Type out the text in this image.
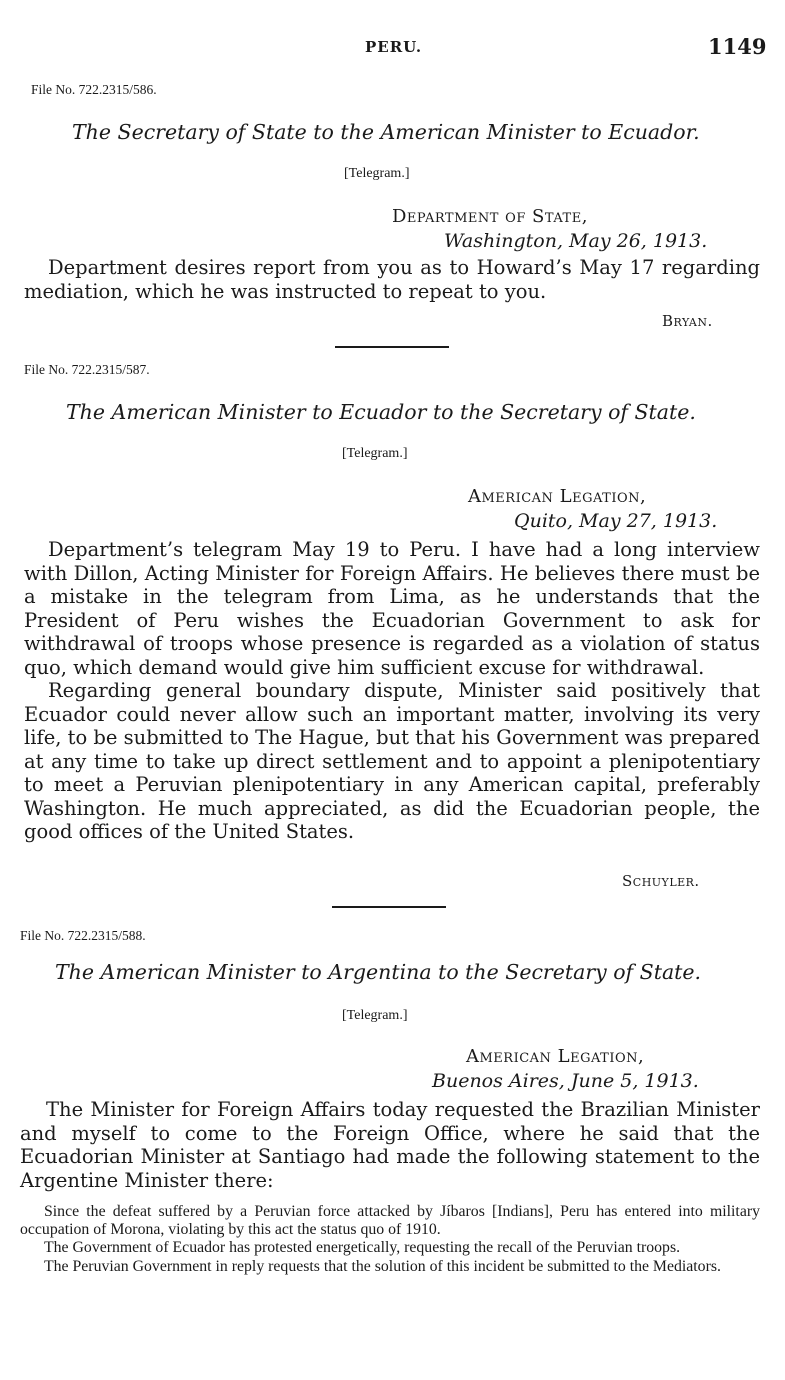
PERU.	1149
File No. 722.2315/586.
The Secretary of State to the American Minister to Ecuador.
[Telegram.]
Department of State,
Washington, May 26, 1913.

Department desires report from you as to Howard’s May 17 regarding mediation, which he was instructed to repeat to you.

Bryan.
File No. 722.2315/587.
The American Minister to Ecuador to the Secretary of State.
[Telegram.]
American Legation,
Quito, May 27, 1913.

Department’s telegram May 19 to Peru. I have had a long interview with Dillon, Acting Minister for Foreign Affairs. He believes there must be a mistake in the telegram from Lima, as he understands that the President of Peru wishes the Ecuadorian Government to ask for withdrawal of troops whose presence is regarded as a violation of status quo, which demand would give him sufficient excuse for withdrawal.

Regarding general boundary dispute, Minister said positively that Ecuador could never allow such an important matter, involving its very life, to be submitted to The Hague, but that his Government was prepared at any time to take up direct settlement and to appoint a plenipotentiary to meet a Peruvian plenipotentiary in any American capital, preferably Washington. He much appreciated, as did the Ecuadorian people, the good offices of the United States.

Schuyler.
File No. 722.2315/588.
The American Minister to Argentina to the Secretary of State.
[Telegram.]
American Legation,
Buenos Aires, June 5, 1913.

The Minister for Foreign Affairs today requested the Brazilian Minister and myself to come to the Foreign Office, where he said that the Ecuadorian Minister at Santiago had made the following statement to the Argentine Minister there:

Since the defeat suffered by a Peruvian force attacked by Jíbaros [Indians], Peru has entered into military occupation of Morona, violating by this act the status quo of 1910.

The Government of Ecuador has protested energetically, requesting the recall of the Peruvian troops.

The Peruvian Government in reply requests that the solution of this incident be submitted to the Mediators.
